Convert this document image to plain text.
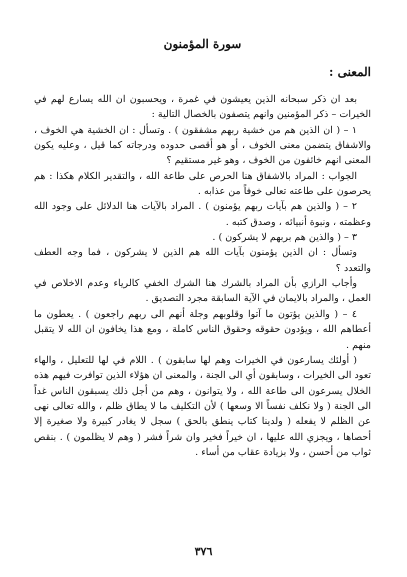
سورة المؤمنون
المعنى :

بعد ان ذكر سبحانه الذين يعيشون في غمرة ، ويحسبون ان الله يسارع لهم في الخيرات – ذكر المؤمنين وانهم يتصفون بالخصال التالية :

١ – ( ان الذين هم من خشية ربهم مشفقون ) . وتسأل : ان الخشية هي الخوف ، والاشفاق يتضمن معنى الخوف ، أو هو أقصى حدوده ودرجاته كما قيل ، وعليه يكون المعنى انهم خائفون من الخوف ، وهو غير مستقيم ؟

الجواب : المراد بالاشفاق هنا الحرص على طاعة الله ، والتقدير الكلام هكذا : هم يحرصون على طاعته تعالى خوفاً من عذابه .

٢ – ( والذين هم بآيات ربهم يؤمنون ) . المراد بالآيات هنا الدلائل على وجود الله وعظمته ، ونبوة أنبيائه ، وصدق كتبه .

٣ – ( والذين هم بربهم لا يشركون ) .

وتسأل : ان الذين يؤمنون بآيات الله هم الذين لا يشركون ، فما وجه العطف والتعدد ؟

وأجاب الرازي بأن المراد بالشرك هنا الشرك الخفي كالرياء وعدم الاخلاص في العمل ، والمراد بالايمان في الآية السابقة مجرد التصديق .

٤ – ( والذين يؤتون ما آتوا وقلوبهم وجلة أنهم الى ربهم راجعون ) . يعطون ما أعطاهم الله ، ويؤدون حقوقه وحقوق الناس كاملة ، ومع هذا يخافون ان الله لا يتقبل منهم .

( أولئك يسارعون في الخيرات وهم لها سابقون ) . اللام في لها للتعليل ، والهاء تعود الى الخيرات ، وسابقون أي الى الجنة ، والمعنى ان هؤلاء الذين توافرت فيهم هذه الخلال يسرعون الى طاعة الله ، ولا يتوانون ، وهم من أجل ذلك يسبقون الناس غداً الى الجنة ( ولا نكلف نفساً الا وسعها ) لأن التكليف ما لا يطاق ظلم ، والله تعالى نهى عن الظلم لا يفعله ( ولدينا كتاب ينطق بالحق ) سجل لا يغادر كبيرة ولا صغيرة إلا أحصاها ، ويجزي الله عليها ، ان خيراً فخير وان شراً فشر ( وهم لا يظلمون ) . بنقص ثواب من أحسن ، ولا بزيادة عقاب من أساء .

٣٧٦
